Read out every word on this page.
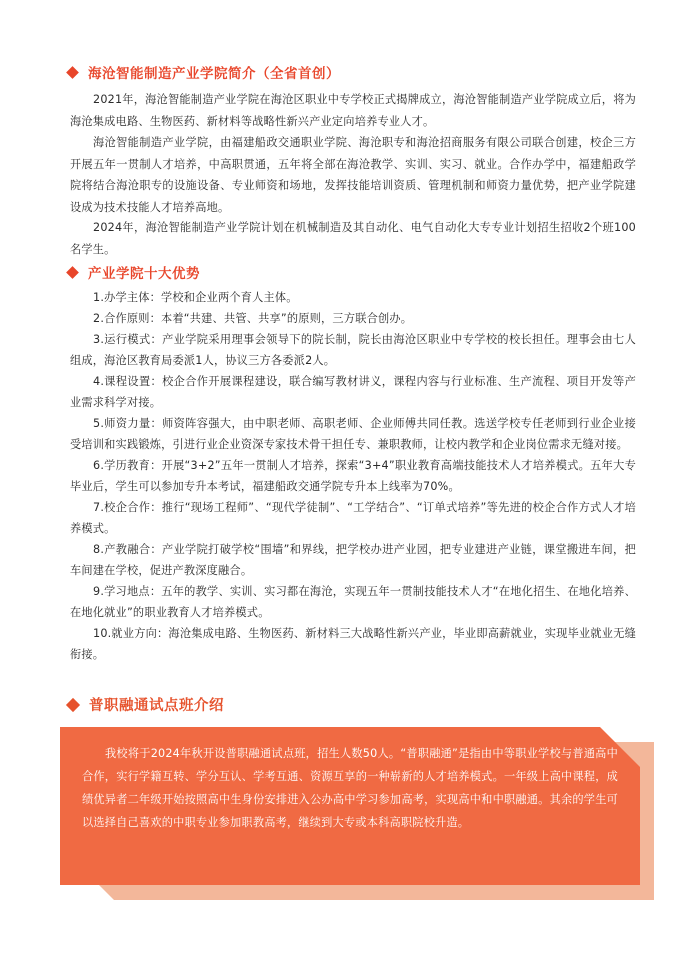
海沧智能制造产业学院简介（全省首创）
2021年，海沧智能制造产业学院在海沧区职业中专学校正式揭牌成立，海沧智能制造产业学院成立后，将为海沧集成电路、生物医药、新材料等战略性新兴产业定向培养专业人才。
海沧智能制造产业学院，由福建船政交通职业学院、海沧职专和海沧招商服务有限公司联合创建，校企三方开展五年一贯制人才培养，中高职贯通，五年将全部在海沧教学、实训、实习、就业。合作办学中，福建船政学院将结合海沧职专的设施设备、专业师资和场地，发挥技能培训资质、管理机制和师资力量优势，把产业学院建设成为技术技能人才培养高地。
2024年，海沧智能制造产业学院计划在机械制造及其自动化、电气自动化大专专业计划招生招收2个班100名学生。
产业学院十大优势
1.办学主体：学校和企业两个育人主体。
2.合作原则：本着“共建、共管、共享”的原则，三方联合创办。
3.运行模式：产业学院采用理事会领导下的院长制，院长由海沧区职业中专学校的校长担任。理事会由七人组成，海沧区教育局委派1人，协议三方各委派2人。
4.课程设置：校企合作开展课程建设，联合编写教材讲义，课程内容与行业标准、生产流程、项目开发等产业需求科学对接。
5.师资力量：师资阵容强大，由中职老师、高职老师、企业师傅共同任教。选送学校专任老师到行业企业接受培训和实践锻炼，引进行业企业资深专家技术骨干担任专、兼职教师，让校内教学和企业岗位需求无缝对接。
6.学历教育：开展“3+2”五年一贯制人才培养，探索“3+4”职业教育高端技能技术人才培养模式。五年大专毕业后，学生可以参加专升本考试，福建船政交通学院专升本上线率为70%。
7.校企合作：推行“现场工程师”、“现代学徒制”、“工学结合”、“订单式培养”等先进的校企合作方式人才培养模式。
8.产教融合：产业学院打破学校“围墙”和界线，把学校办进产业园，把专业建进产业链，课堂搬进车间，把车间建在学校，促进产教深度融合。
9.学习地点：五年的教学、实训、实习都在海沧，实现五年一贯制技能技术人才“在地化招生、在地化培养、在地化就业”的职业教育人才培养模式。
10.就业方向：海沧集成电路、生物医药、新材料三大战略性新兴产业，毕业即高薪就业，实现毕业就业无缝衔接。
普职融通试点班介绍
我校将于2024年秋开设普职融通试点班，招生人数50人。“普职融通”是指由中等职业学校与普通高中合作，实行学籍互转、学分互认、学考互通、资源互享的一种崭新的人才培养模式。一年级上高中课程，成绩优异者二年级开始按照高中生身份安排进入公办高中学习参加高考，实现高中和中职融通。其余的学生可以选择自己喜欢的中职专业参加职教高考，继续到大专或本科高职院校升造。
